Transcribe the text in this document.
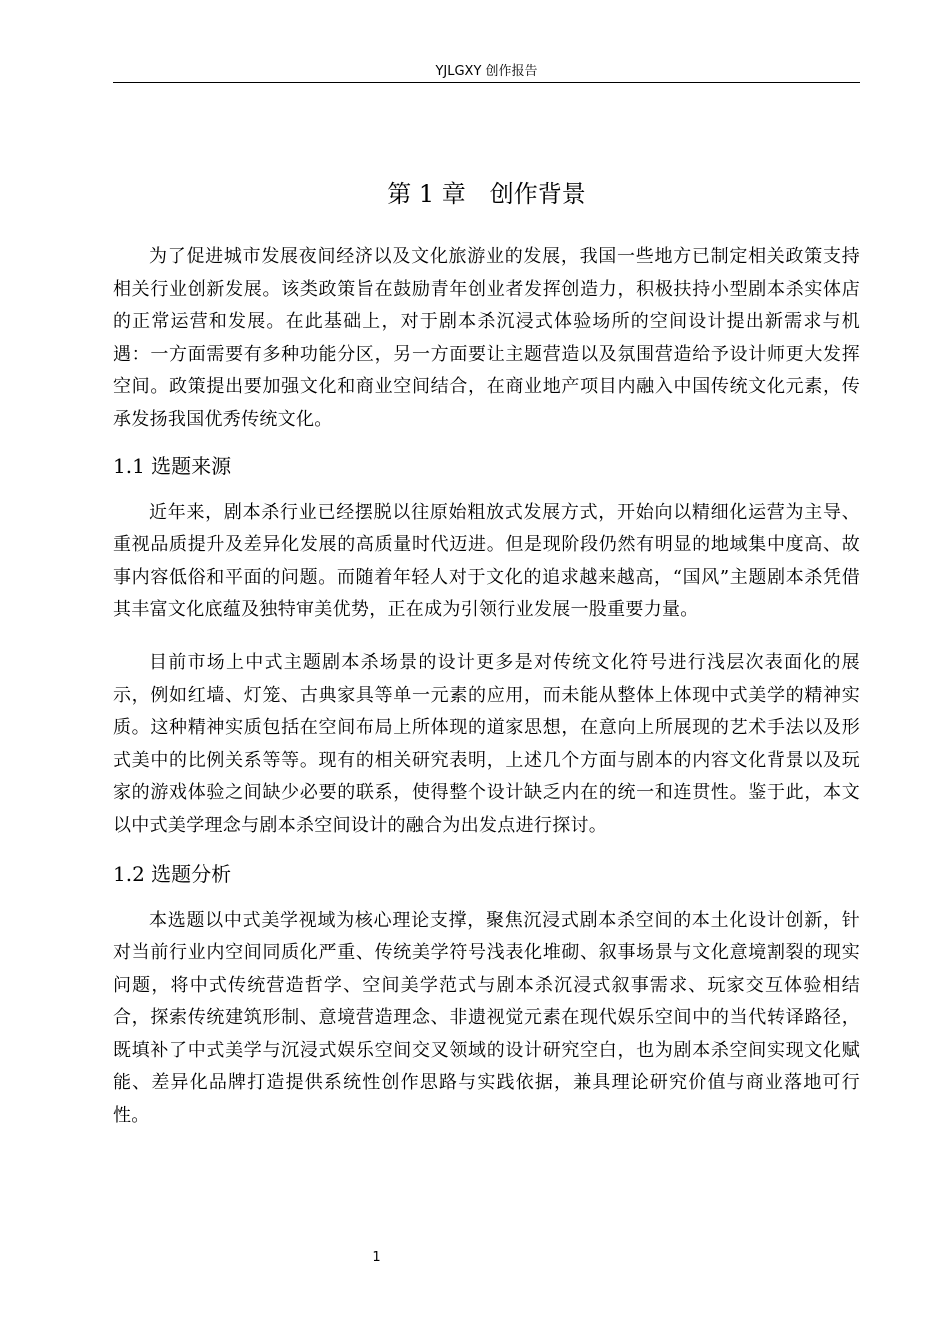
YJLGXY 创作报告
第 1 章　创作背景

为了促进城市发展夜间经济以及文化旅游业的发展，我国一些地方已制定相关政策支持相关行业创新发展。该类政策旨在鼓励青年创业者发挥创造力，积极扶持小型剧本杀实体店的正常运营和发展。在此基础上，对于剧本杀沉浸式体验场所的空间设计提出新需求与机遇：一方面需要有多种功能分区，另一方面要让主题营造以及氛围营造给予设计师更大发挥空间。政策提出要加强文化和商业空间结合，在商业地产项目内融入中国传统文化元素，传承发扬我国优秀传统文化。

1.1 选题来源

近年来，剧本杀行业已经摆脱以往原始粗放式发展方式，开始向以精细化运营为主导、重视品质提升及差异化发展的高质量时代迈进。但是现阶段仍然有明显的地域集中度高、故事内容低俗和平面的问题。而随着年轻人对于文化的追求越来越高，“国风”主题剧本杀凭借其丰富文化底蕴及独特审美优势，正在成为引领行业发展一股重要力量。

目前市场上中式主题剧本杀场景的设计更多是对传统文化符号进行浅层次表面化的展示，例如红墙、灯笼、古典家具等单一元素的应用，而未能从整体上体现中式美学的精神实质。这种精神实质包括在空间布局上所体现的道家思想，在意向上所展现的艺术手法以及形式美中的比例关系等等。现有的相关研究表明，上述几个方面与剧本的内容文化背景以及玩家的游戏体验之间缺少必要的联系，使得整个设计缺乏内在的统一和连贯性。鉴于此，本文以中式美学理念与剧本杀空间设计的融合为出发点进行探讨。

1.2 选题分析

本选题以中式美学视域为核心理论支撑，聚焦沉浸式剧本杀空间的本土化设计创新，针对当前行业内空间同质化严重、传统美学符号浅表化堆砌、叙事场景与文化意境割裂的现实问题，将中式传统营造哲学、空间美学范式与剧本杀沉浸式叙事需求、玩家交互体验相结合，探索传统建筑形制、意境营造理念、非遗视觉元素在现代娱乐空间中的当代转译路径，既填补了中式美学与沉浸式娱乐空间交叉领域的设计研究空白，也为剧本杀空间实现文化赋能、差异化品牌打造提供系统性创作思路与实践依据，兼具理论研究价值与商业落地可行性。

1
